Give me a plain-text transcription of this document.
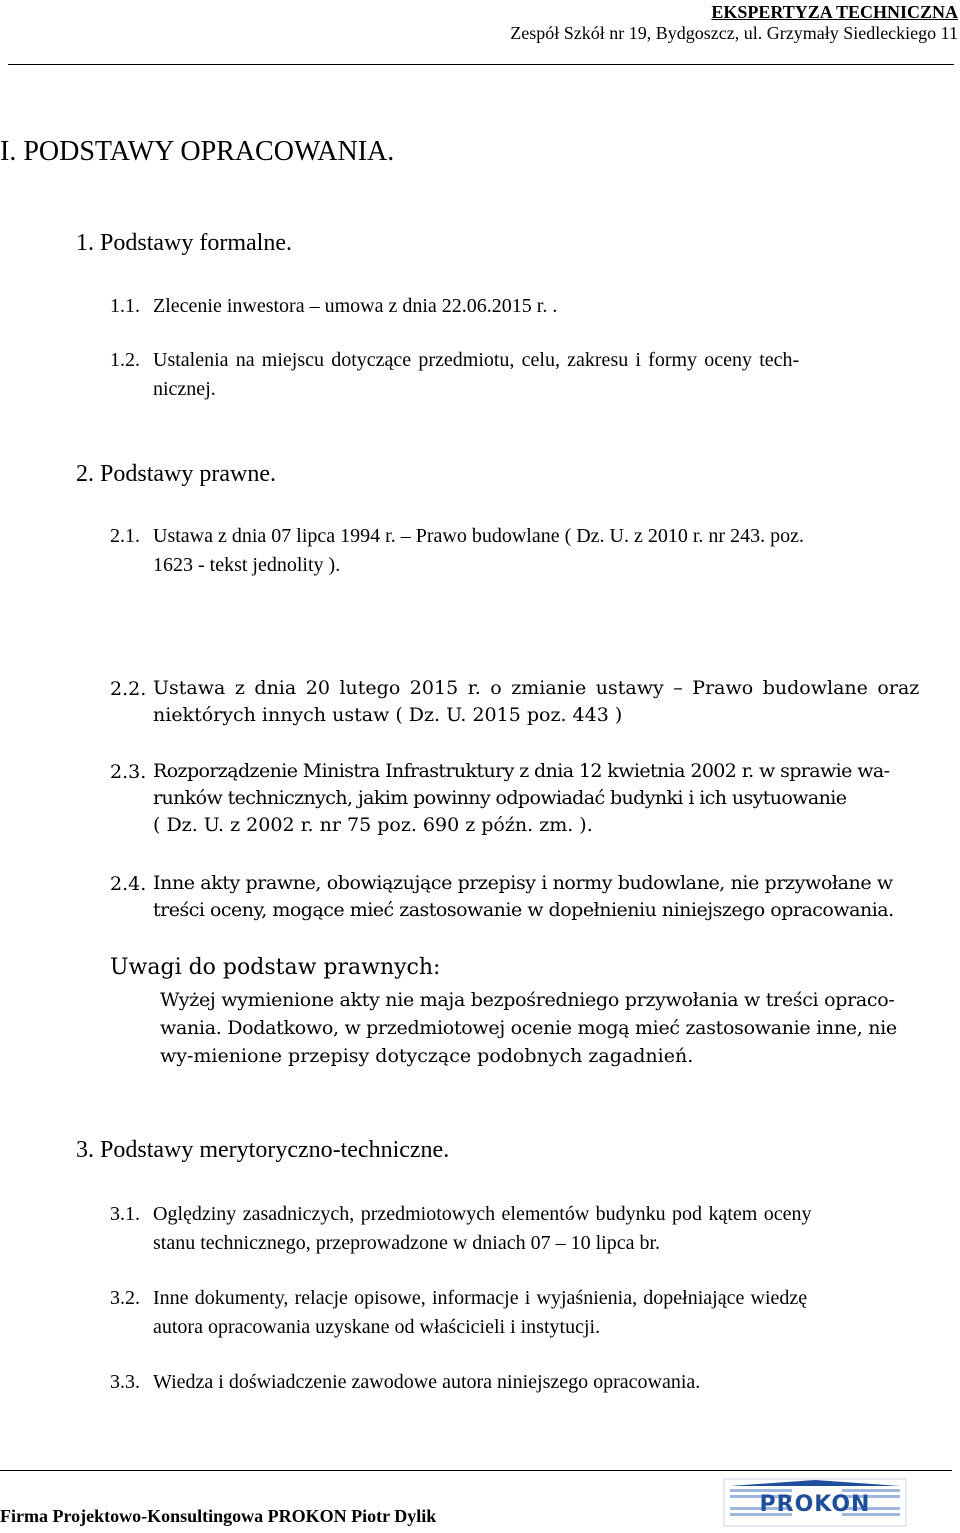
EKSPERTYZA TECHNICZNA
Zespół Szkół nr 19, Bydgoszcz, ul. Grzymały Siedleckiego 11
I. PODSTAWY OPRACOWANIA.
1. Podstawy formalne.
1.1. Zlecenie inwestora – umowa z dnia 22.06.2015 r. .
1.2. Ustalenia na miejscu dotyczące przedmiotu, celu, zakresu i formy oceny tech-
nicznej.
2. Podstawy prawne.
2.1. Ustawa z dnia 07 lipca 1994 r. – Prawo budowlane ( Dz. U. z 2010 r. nr 243. poz.
1623 - tekst jednolity ).
2.2. Ustawa z dnia 20 lutego 2015 r. o zmianie ustawy – Prawo budowlane oraz
niektórych innych ustaw ( Dz. U. 2015 poz. 443 )
2.3. Rozporządzenie Ministra Infrastruktury z dnia 12 kwietnia 2002 r. w sprawie wa-
runków technicznych, jakim powinny odpowiadać budynki i ich usytuowanie
( Dz. U. z 2002 r. nr 75 poz. 690 z późn. zm. ).
2.4. Inne akty prawne, obowiązujące przepisy i normy budowlane, nie przywołane w
treści oceny, mogące mieć zastosowanie w dopełnieniu niniejszego opracowania.
Uwagi do podstaw prawnych:
Wyżej wymienione akty nie maja bezpośredniego przywołania w treści opraco-
wania. Dodatkowo, w przedmiotowej ocenie mogą mieć zastosowanie inne, nie
wy-mienione przepisy dotyczące podobnych zagadnień.
3. Podstawy merytoryczno-techniczne.
3.1. Oględziny zasadniczych, przedmiotowych elementów budynku pod kątem oceny
stanu technicznego, przeprowadzone w dniach 07 – 10 lipca br.
3.2. Inne dokumenty, relacje opisowe, informacje i wyjaśnienia, dopełniające wiedzę
autora opracowania uzyskane od właścicieli i instytucji.
3.3. Wiedza i doświadczenie zawodowe autora niniejszego opracowania.
Firma Projektowo-Konsultingowa PROKON Piotr Dylik	PROKON
